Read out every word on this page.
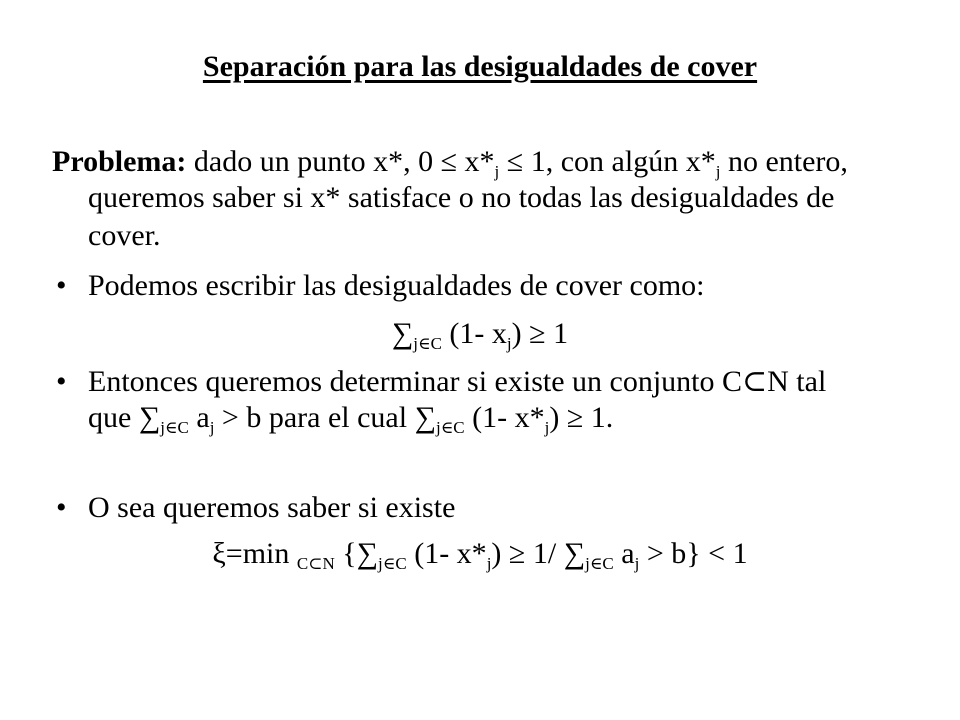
Separación para las desigualdades de cover
Problema: dado un punto x*, $0 \le x*_j \le 1$, con algún $x*_j$ no entero,
queremos saber si x* satisface o no todas las desigualdades de
cover.
• Podemos escribir las desigualdades de cover como:
$\sum_{j\in C}$ (1- $x_j) \ge 1$
• Entonces queremos determinar si existe un conjunto C⊂N tal
que $\sum_{j\in C}$ $a_j > b$ para el cual $\sum_{j\in C}$ (1- $x*_j) \ge 1$.
• O sea queremos saber si existe
ξ=min $_{C\subset N}$ {$\sum_{j\in C}$ (1- $x*_j) \ge 1/$ $\sum_{j\in C}$ $a_j > b\} < 1$
